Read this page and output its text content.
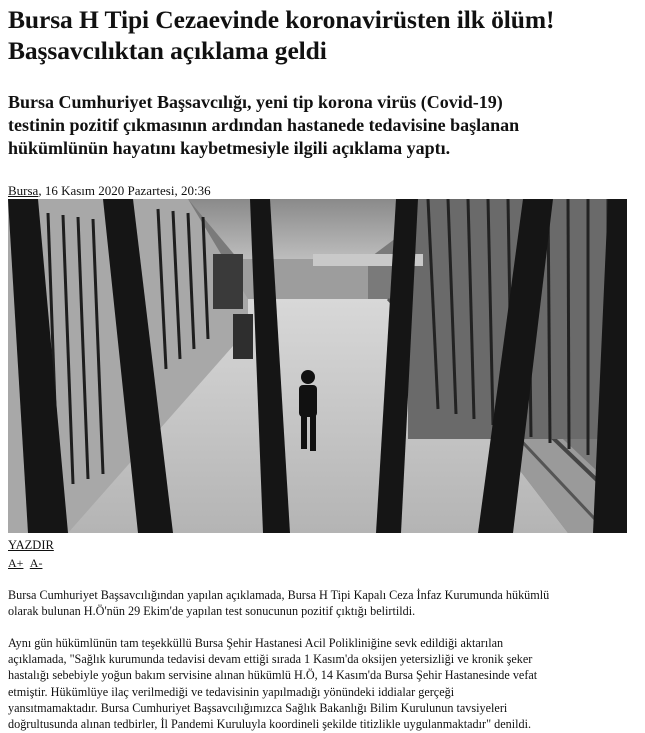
Bursa H Tipi Cezaevinde koronavirüsten ilk ölüm!
Başsavcılıktan açıklama geldi
Bursa Cumhuriyet Başsavcılığı, yeni tip korona virüs (Covid-19)
testinin pozitif çıkmasının ardından hastanede tedavisine başlanan
hükümlünün hayatını kaybetmesiyle ilgili açıklama yaptı.
Bursa, 16 Kasım 2020 Pazartesi, 20:36
YAZDIR
A+ A-
Bursa Cumhuriyet Başsavcılığından yapılan açıklamada, Bursa H Tipi Kapalı Ceza İnfaz Kurumunda hükümlü
olarak bulunan H.Ö'nün 29 Ekim'de yapılan test sonucunun pozitif çıktığı belirtildi.
Aynı gün hükümlünün tam teşekküllü Bursa Şehir Hastanesi Acil Polikliniğine sevk edildiği aktarılan
açıklamada, "Sağlık kurumunda tedavisi devam ettiği sırada 1 Kasım'da oksijen yetersizliği ve kronik şeker
hastalığı sebebiyle yoğun bakım servisine alınan hükümlü H.Ö, 14 Kasım'da Bursa Şehir Hastanesinde vefat
etmiştir. Hükümlüye ilaç verilmediği ve tedavisinin yapılmadığı yönündeki iddialar gerçeği
yansıtmamaktadır. Bursa Cumhuriyet Başsavcılığımızca Sağlık Bakanlığı Bilim Kurulunun tavsiyeleri
doğrultusunda alınan tedbirler, İl Pandemi Kuruluyla koordineli şekilde titizlikle uygulanmaktadır" denildi.
